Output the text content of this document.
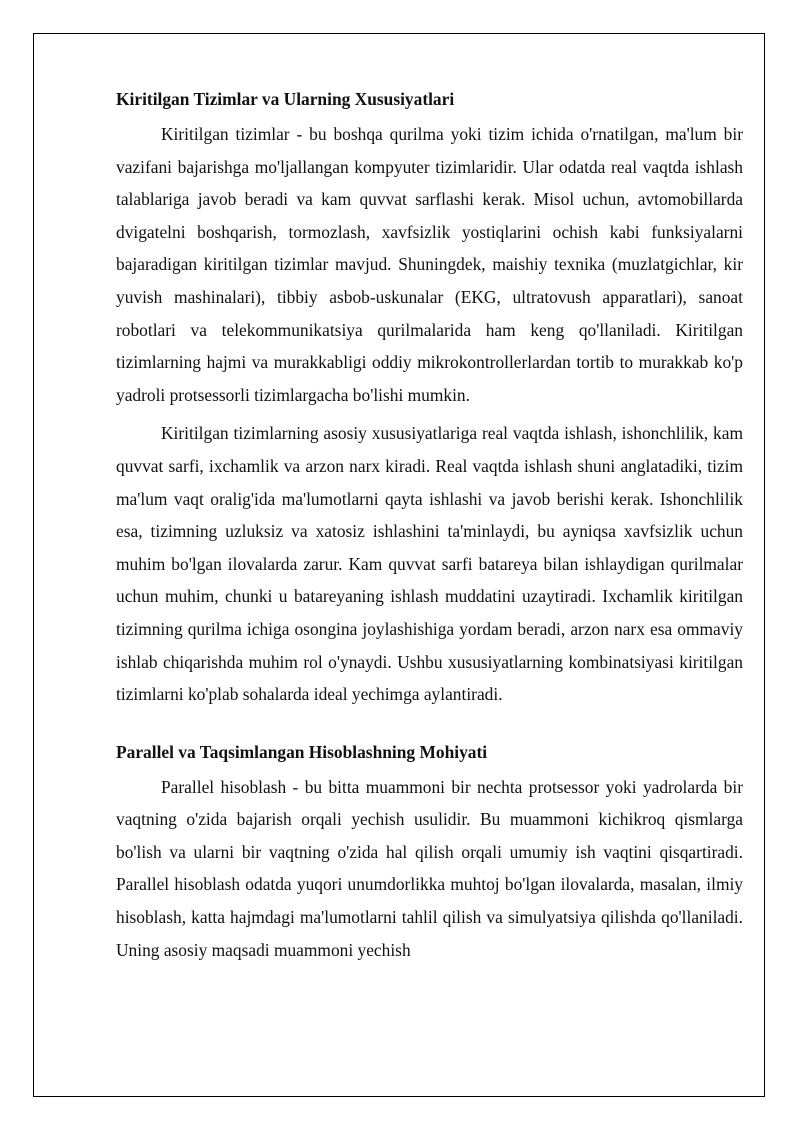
Kiritilgan Tizimlar va Ularning Xususiyatlari

Kiritilgan tizimlar - bu boshqa qurilma yoki tizim ichida o'rnatilgan, ma'lum bir vazifani bajarishga mo'ljallangan kompyuter tizimlaridir. Ular odatda real vaqtda ishlash talablariga javob beradi va kam quvvat sarflashi kerak. Misol uchun, avtomobillarda dvigatelni boshqarish, tormozlash, xavfsizlik yostiqlarini ochish kabi funksiyalarni bajaradigan kiritilgan tizimlar mavjud. Shuningdek, maishiy texnika (muzlatgichlar, kir yuvish mashinalari), tibbiy asbob-uskunalar (EKG, ultratovush apparatlari), sanoat robotlari va telekommunikatsiya qurilmalarida ham keng qo'llaniladi. Kiritilgan tizimlarning hajmi va murakkabligi oddiy mikrokontrollerlardan tortib to murakkab ko'p yadroli protsessorli tizimlargacha bo'lishi mumkin.

Kiritilgan tizimlarning asosiy xususiyatlariga real vaqtda ishlash, ishonchlilik, kam quvvat sarfi, ixchamlik va arzon narx kiradi. Real vaqtda ishlash shuni anglatadiki, tizim ma'lum vaqt oralig'ida ma'lumotlarni qayta ishlashi va javob berishi kerak. Ishonchlilik esa, tizimning uzluksiz va xatosiz ishlashini ta'minlaydi, bu ayniqsa xavfsizlik uchun muhim bo'lgan ilovalarda zarur. Kam quvvat sarfi batareya bilan ishlaydigan qurilmalar uchun muhim, chunki u batareyaning ishlash muddatini uzaytiradi. Ixchamlik kiritilgan tizimning qurilma ichiga osongina joylashishiga yordam beradi, arzon narx esa ommaviy ishlab chiqarishda muhim rol o'ynaydi. Ushbu xususiyatlarning kombinatsiyasi kiritilgan tizimlarni ko'plab sohalarda ideal yechimga aylantiradi.

Parallel va Taqsimlangan Hisoblashning Mohiyati

Parallel hisoblash - bu bitta muammoni bir nechta protsessor yoki yadrolarda bir vaqtning o'zida bajarish orqali yechish usulidir. Bu muammoni kichikroq qismlarga bo'lish va ularni bir vaqtning o'zida hal qilish orqali umumiy ish vaqtini qisqartiradi. Parallel hisoblash odatda yuqori unumdorlikka muhtoj bo'lgan ilovalarda, masalan, ilmiy hisoblash, katta hajmdagi ma'lumotlarni tahlil qilish va simulyatsiya qilishda qo'llaniladi. Uning asosiy maqsadi muammoni yechish
